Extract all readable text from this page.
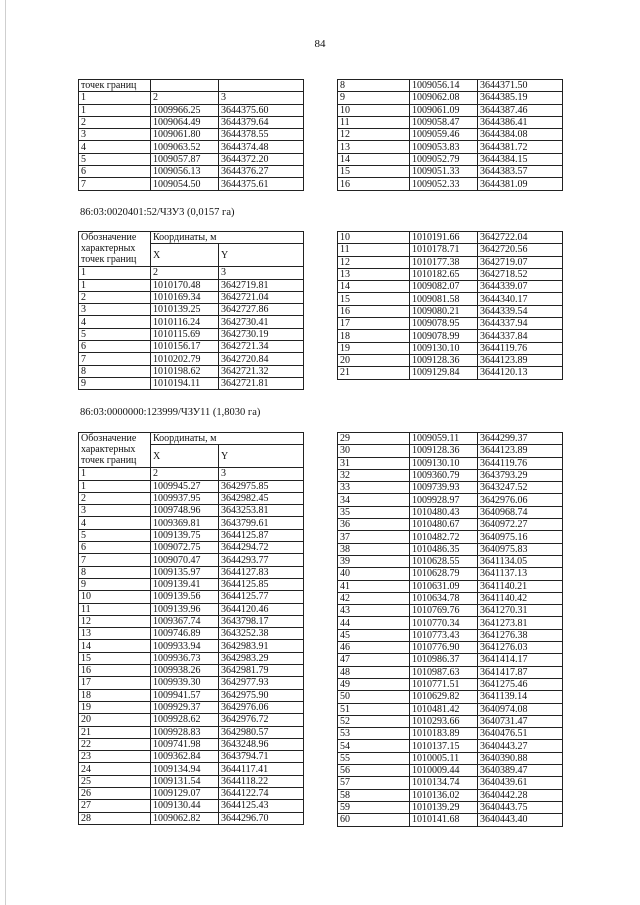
84
точек границ		
1	2	3
1	1009966.25	3644375.60
2	1009064.49	3644379.64
3	1009061.80	3644378.55
4	1009063.52	3644374.48
5	1009057.87	3644372.20
6	1009056.13	3644376.27
7	1009054.50	3644375.61
8	1009056.14	3644371.50
9	1009062.08	3644385.19
10	1009061.09	3644387.46
11	1009058.47	3644386.41
12	1009059.46	3644384.08
13	1009053.83	3644381.72
14	1009052.79	3644384.15
15	1009051.33	3644383.57
16	1009052.33	3644381.09
86:03:0020401:52/ЧЗУ3 (0,0157 га)
Обозначение характерных точек границ	Координаты, м	
	X	Y
1	2	3
1	1010170.48	3642719.81
2	1010169.34	3642721.04
3	1010139.25	3642727.86
4	1010116.24	3642730.41
5	1010115.69	3642730.19
6	1010156.17	3642721.34
7	1010202.79	3642720.84
8	1010198.62	3642721.32
9	1010194.11	3642721.81
10	1010191.66	3642722.04
11	1010178.71	3642720.56
12	1010177.38	3642719.07
13	1010182.65	3642718.52
14	1009082.07	3644339.07
15	1009081.58	3644340.17
16	1009080.21	3644339.54
17	1009078.95	3644337.94
18	1009078.99	3644337.84
19	1009130.10	3644119.76
20	1009128.36	3644123.89
21	1009129.84	3644120.13
86:03:0000000:123999/ЧЗУ11 (1,8030 га)
Обозначение характерных точек границ	Координаты, м	
	X	Y
1	2	3
1	1009945.27	3642975.85
2	1009937.95	3642982.45
3	1009748.96	3643253.81
4	1009369.81	3643799.61
5	1009139.75	3644125.87
6	1009072.75	3644294.72
7	1009070.47	3644293.77
8	1009135.97	3644127.83
9	1009139.41	3644125.85
10	1009139.56	3644125.77
11	1009139.96	3644120.46
12	1009367.74	3643798.17
13	1009746.89	3643252.38
14	1009933.94	3642983.91
15	1009936.73	3642983.29
16	1009938.26	3642981.79
17	1009939.30	3642977.93
18	1009941.57	3642975.90
19	1009929.37	3642976.06
20	1009928.62	3642976.72
21	1009928.83	3642980.57
22	1009741.98	3643248.96
23	1009362.84	3643794.71
24	1009134.94	3644117.41
25	1009131.54	3644118.22
26	1009129.07	3644122.74
27	1009130.44	3644125.43
28	1009062.82	3644296.70
29	1009059.11	3644299.37
30	1009128.36	3644123.89
31	1009130.10	3644119.76
32	1009360.79	3643793.29
33	1009739.93	3643247.52
34	1009928.97	3642976.06
35	1010480.43	3640968.74
36	1010480.67	3640972.27
37	1010482.72	3640975.16
38	1010486.35	3640975.83
39	1010628.55	3641134.05
40	1010628.79	3641137.13
41	1010631.09	3641140.21
42	1010634.78	3641140.42
43	1010769.76	3641270.31
44	1010770.34	3641273.81
45	1010773.43	3641276.38
46	1010776.90	3641276.03
47	1010986.37	3641414.17
48	1010987.63	3641417.87
49	1010771.51	3641275.46
50	1010629.82	3641139.14
51	1010481.42	3640974.08
52	1010293.66	3640731.47
53	1010183.89	3640476.51
54	1010137.15	3640443.27
55	1010005.11	3640390.88
56	1010009.44	3640389.47
57	1010134.74	3640439.61
58	1010136.02	3640442.28
59	1010139.29	3640443.75
60	1010141.68	3640443.40
